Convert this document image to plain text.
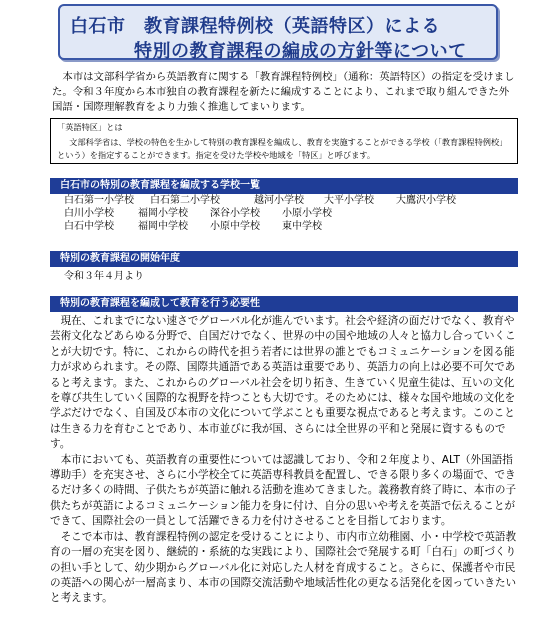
白石市　教育課程特例校（英語特区）による
特別の教育課程の編成の方針等について

本市は文部科学省から英語教育に関する「教育課程特例校」（通称：英語特区）の指定を受けました。令和３年度から本市独自の教育課程を新たに編成することにより、これまで取り組んできた外国語・国際理解教育をより力強く推進してまいります。

「英語特区」とは

文部科学省は、学校の特色を生かして特別の教育課程を編成し、教育を実施することができる学校（「教育課程特例校」という）を指定することができます。指定を受けた学校や地域を「特区」と呼びます。

白石市の特別の教育課程を編成する学校一覧
白石第一小学校 白石第二小学校	越河小学校 大平小学校 大鷹沢小学校
白川小学校 福岡小学校 深谷小学校 小原小学校
白石中学校 福岡中学校 小原中学校 東中学校
特別の教育課程の開始年度
令和３年４月より
特別の教育課程を編成して教育を行う必要性

現在、これまでにない速さでグローバル化が進んでいます。社会や経済の面だけでなく、教育や芸術文化などあらゆる分野で、自国だけでなく、世界の中の国や地域の人々と協力し合っていくことが大切です。特に、これからの時代を担う若者には世界の誰とでもコミュニケーションを図る能力が求められます。その際、国際共通語である英語は重要であり、英語力の向上は必要不可欠であると考えます。また、これからのグローバル社会を切り拓き、生きていく児童生徒は、互いの文化を尊び共生していく国際的な視野を持つことも大切です。そのためには、様々な国や地域の文化を学ぶだけでなく、自国及び本市の文化について学ぶことも重要な視点であると考えます。このことは生きる力を育むことであり、本市並びに我が国、さらには全世界の平和と発展に資するものです。

本市においても、英語教育の重要性については認識しており、令和２年度より、ALT（外国語指導助手）を充実させ、さらに小学校全てに英語専科教員を配置し、できる限り多くの場面で、できるだけ多くの時間、子供たちが英語に触れる活動を進めてきました。義務教育終了時に、本市の子供たちが英語によるコミュニケーション能力を身に付け、自分の思いや考えを英語で伝えることができて、国際社会の一員として活躍できる力を付けさせることを目指しております。

そこで本市は、教育課程特例の認定を受けることにより、市内市立幼稚園、小・中学校で英語教育の一層の充実を図り、継続的・系統的な実践により、国際社会で発展する町「白石」の町づくりの担い手として、幼少期からグローバル化に対応した人材を育成すること。さらに、保護者や市民の英語への関心が一層高まり、本市の国際交流活動や地域活性化の更なる活発化を図っていきたいと考えます。
